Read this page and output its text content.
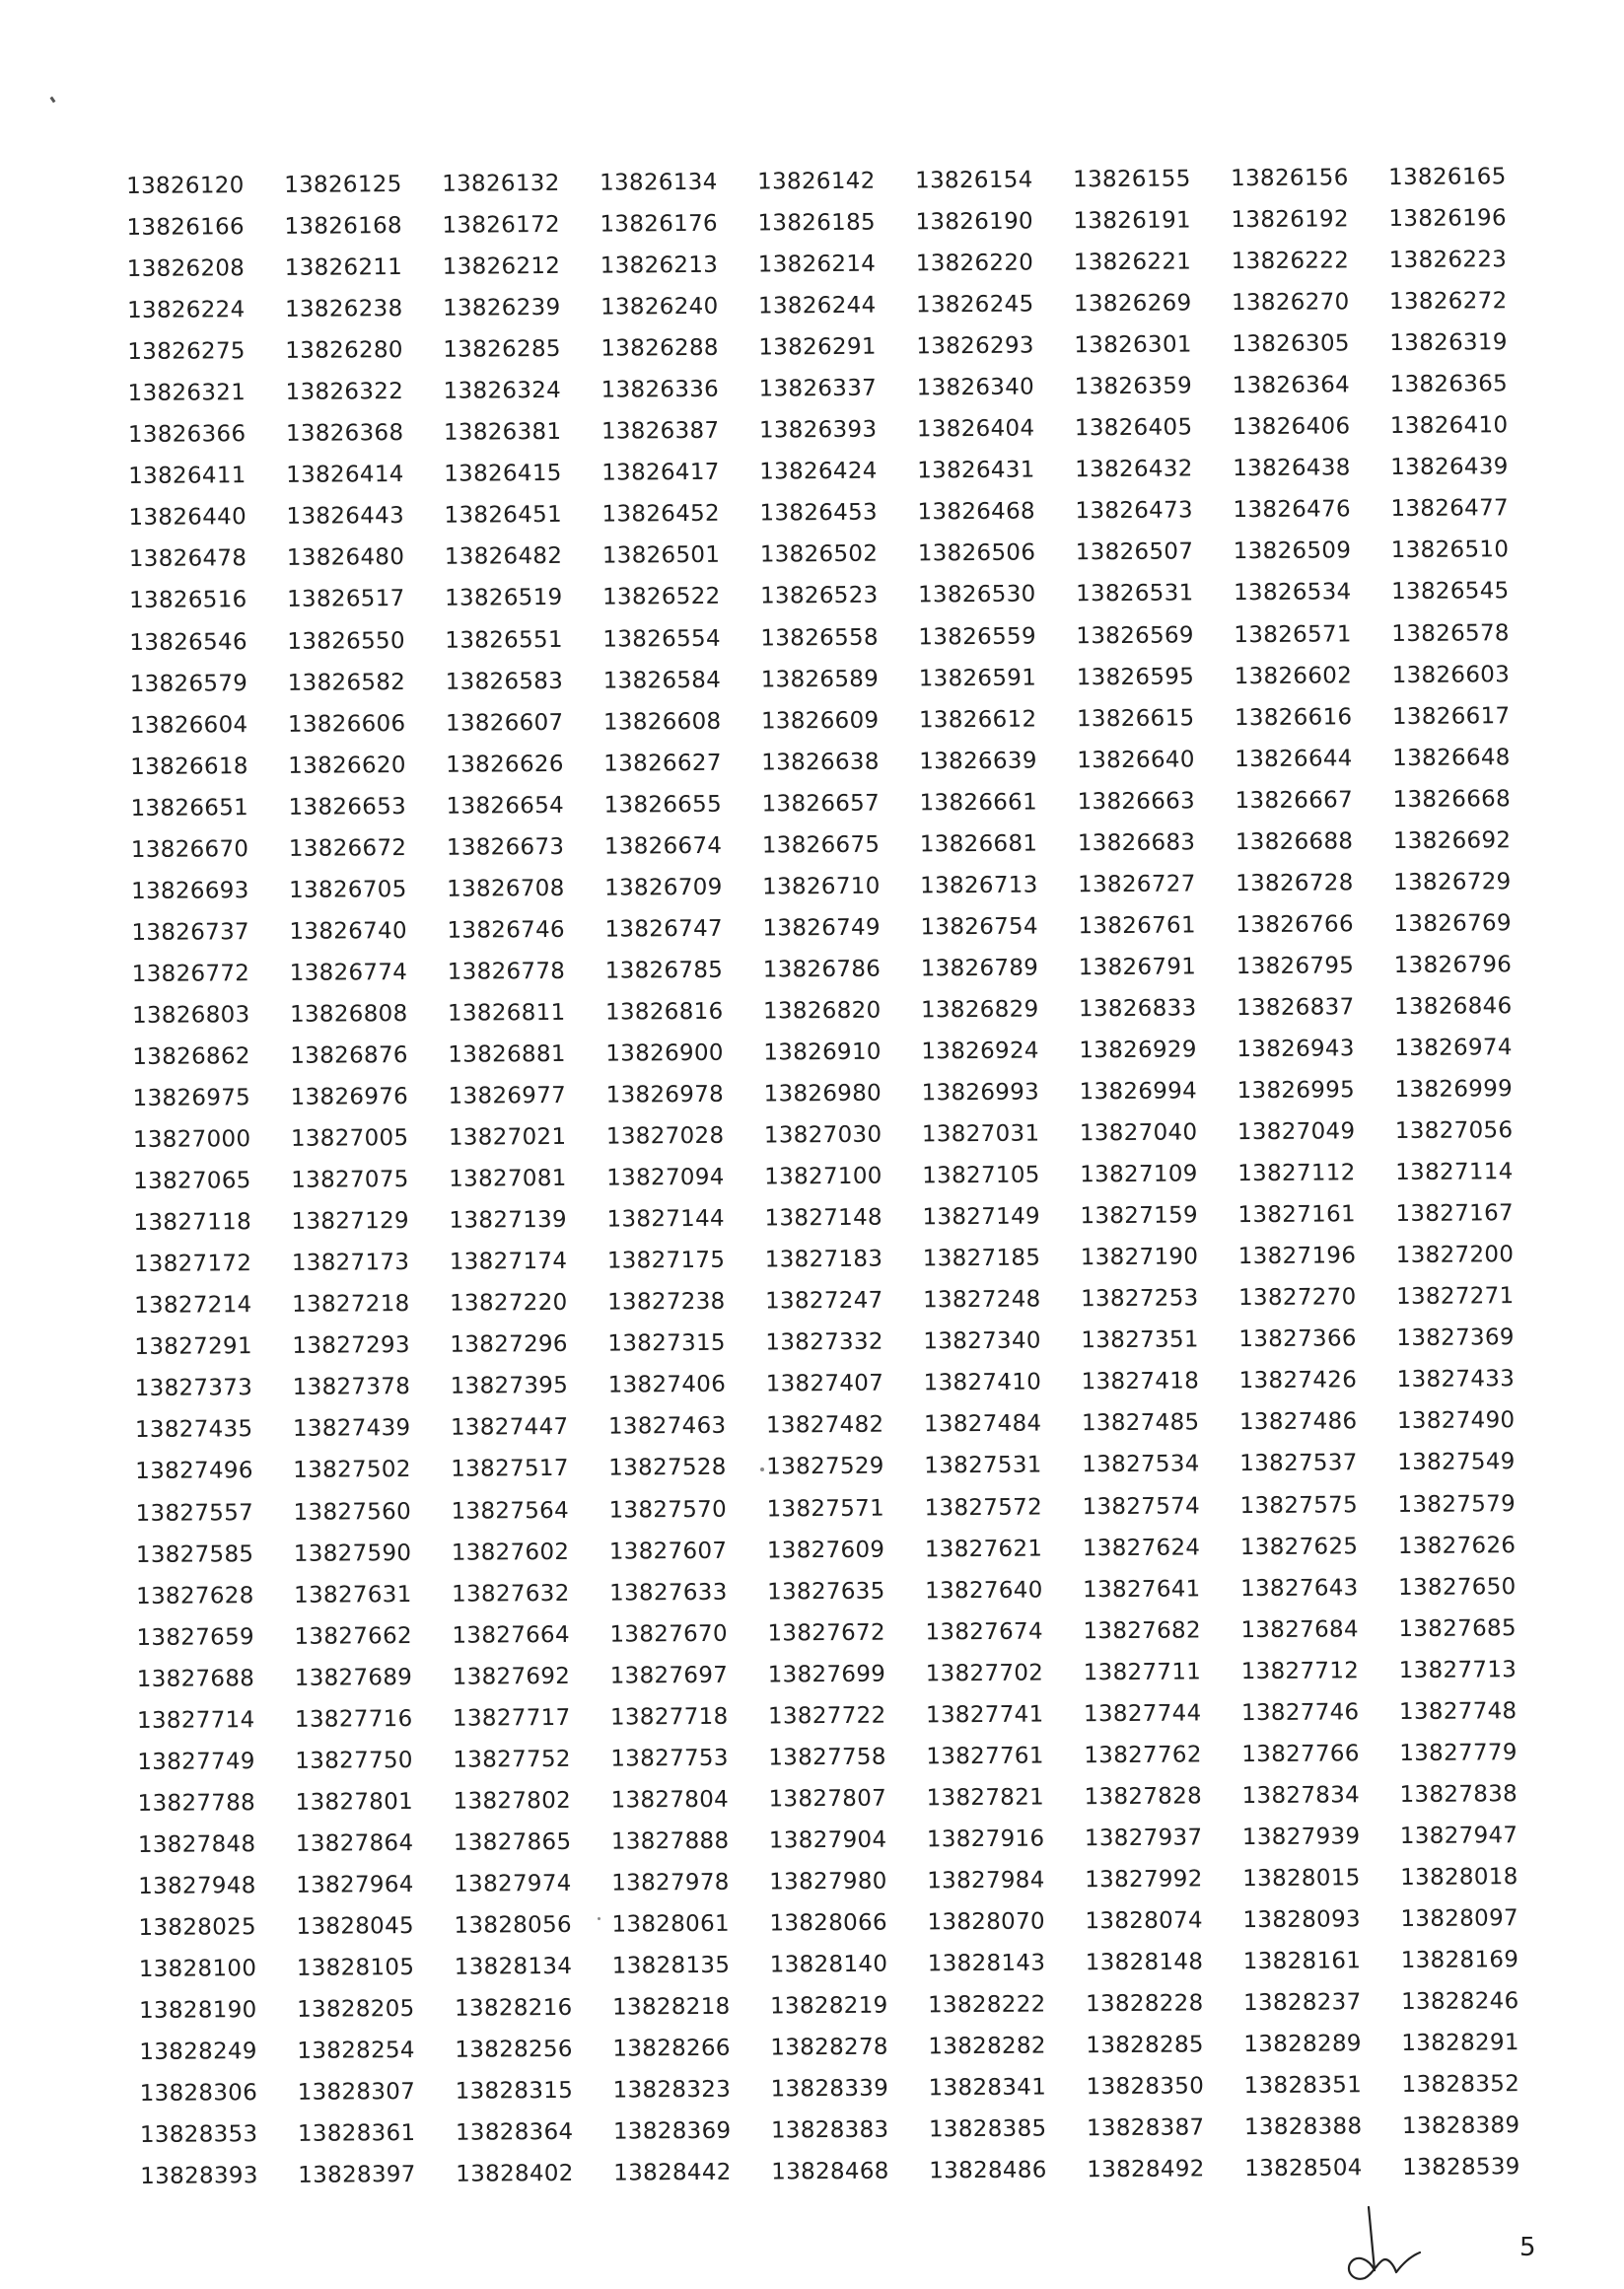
13826120	13826125	13826132	13826134	13826142	13826154	13826155	13826156	13826165
13826166	13826168	13826172	13826176	13826185	13826190	13826191	13826192	13826196
13826208	13826211	13826212	13826213	13826214	13826220	13826221	13826222	13826223
13826224	13826238	13826239	13826240	13826244	13826245	13826269	13826270	13826272
13826275	13826280	13826285	13826288	13826291	13826293	13826301	13826305	13826319
13826321	13826322	13826324	13826336	13826337	13826340	13826359	13826364	13826365
13826366	13826368	13826381	13826387	13826393	13826404	13826405	13826406	13826410
13826411	13826414	13826415	13826417	13826424	13826431	13826432	13826438	13826439
13826440	13826443	13826451	13826452	13826453	13826468	13826473	13826476	13826477
13826478	13826480	13826482	13826501	13826502	13826506	13826507	13826509	13826510
13826516	13826517	13826519	13826522	13826523	13826530	13826531	13826534	13826545
13826546	13826550	13826551	13826554	13826558	13826559	13826569	13826571	13826578
13826579	13826582	13826583	13826584	13826589	13826591	13826595	13826602	13826603
13826604	13826606	13826607	13826608	13826609	13826612	13826615	13826616	13826617
13826618	13826620	13826626	13826627	13826638	13826639	13826640	13826644	13826648
13826651	13826653	13826654	13826655	13826657	13826661	13826663	13826667	13826668
13826670	13826672	13826673	13826674	13826675	13826681	13826683	13826688	13826692
13826693	13826705	13826708	13826709	13826710	13826713	13826727	13826728	13826729
13826737	13826740	13826746	13826747	13826749	13826754	13826761	13826766	13826769
13826772	13826774	13826778	13826785	13826786	13826789	13826791	13826795	13826796
13826803	13826808	13826811	13826816	13826820	13826829	13826833	13826837	13826846
13826862	13826876	13826881	13826900	13826910	13826924	13826929	13826943	13826974
13826975	13826976	13826977	13826978	13826980	13826993	13826994	13826995	13826999
13827000	13827005	13827021	13827028	13827030	13827031	13827040	13827049	13827056
13827065	13827075	13827081	13827094	13827100	13827105	13827109	13827112	13827114
13827118	13827129	13827139	13827144	13827148	13827149	13827159	13827161	13827167
13827172	13827173	13827174	13827175	13827183	13827185	13827190	13827196	13827200
13827214	13827218	13827220	13827238	13827247	13827248	13827253	13827270	13827271
13827291	13827293	13827296	13827315	13827332	13827340	13827351	13827366	13827369
13827373	13827378	13827395	13827406	13827407	13827410	13827418	13827426	13827433
13827435	13827439	13827447	13827463	13827482	13827484	13827485	13827486	13827490
13827496	13827502	13827517	13827528	13827529	13827531	13827534	13827537	13827549
13827557	13827560	13827564	13827570	13827571	13827572	13827574	13827575	13827579
13827585	13827590	13827602	13827607	13827609	13827621	13827624	13827625	13827626
13827628	13827631	13827632	13827633	13827635	13827640	13827641	13827643	13827650
13827659	13827662	13827664	13827670	13827672	13827674	13827682	13827684	13827685
13827688	13827689	13827692	13827697	13827699	13827702	13827711	13827712	13827713
13827714	13827716	13827717	13827718	13827722	13827741	13827744	13827746	13827748
13827749	13827750	13827752	13827753	13827758	13827761	13827762	13827766	13827779
13827788	13827801	13827802	13827804	13827807	13827821	13827828	13827834	13827838
13827848	13827864	13827865	13827888	13827904	13827916	13827937	13827939	13827947
13827948	13827964	13827974	13827978	13827980	13827984	13827992	13828015	13828018
13828025	13828045	13828056	13828061	13828066	13828070	13828074	13828093	13828097
13828100	13828105	13828134	13828135	13828140	13828143	13828148	13828161	13828169
13828190	13828205	13828216	13828218	13828219	13828222	13828228	13828237	13828246
13828249	13828254	13828256	13828266	13828278	13828282	13828285	13828289	13828291
13828306	13828307	13828315	13828323	13828339	13828341	13828350	13828351	13828352
13828353	13828361	13828364	13828369	13828383	13828385	13828387	13828388	13828389
13828393	13828397	13828402	13828442	13828468	13828486	13828492	13828504	13828539
5
